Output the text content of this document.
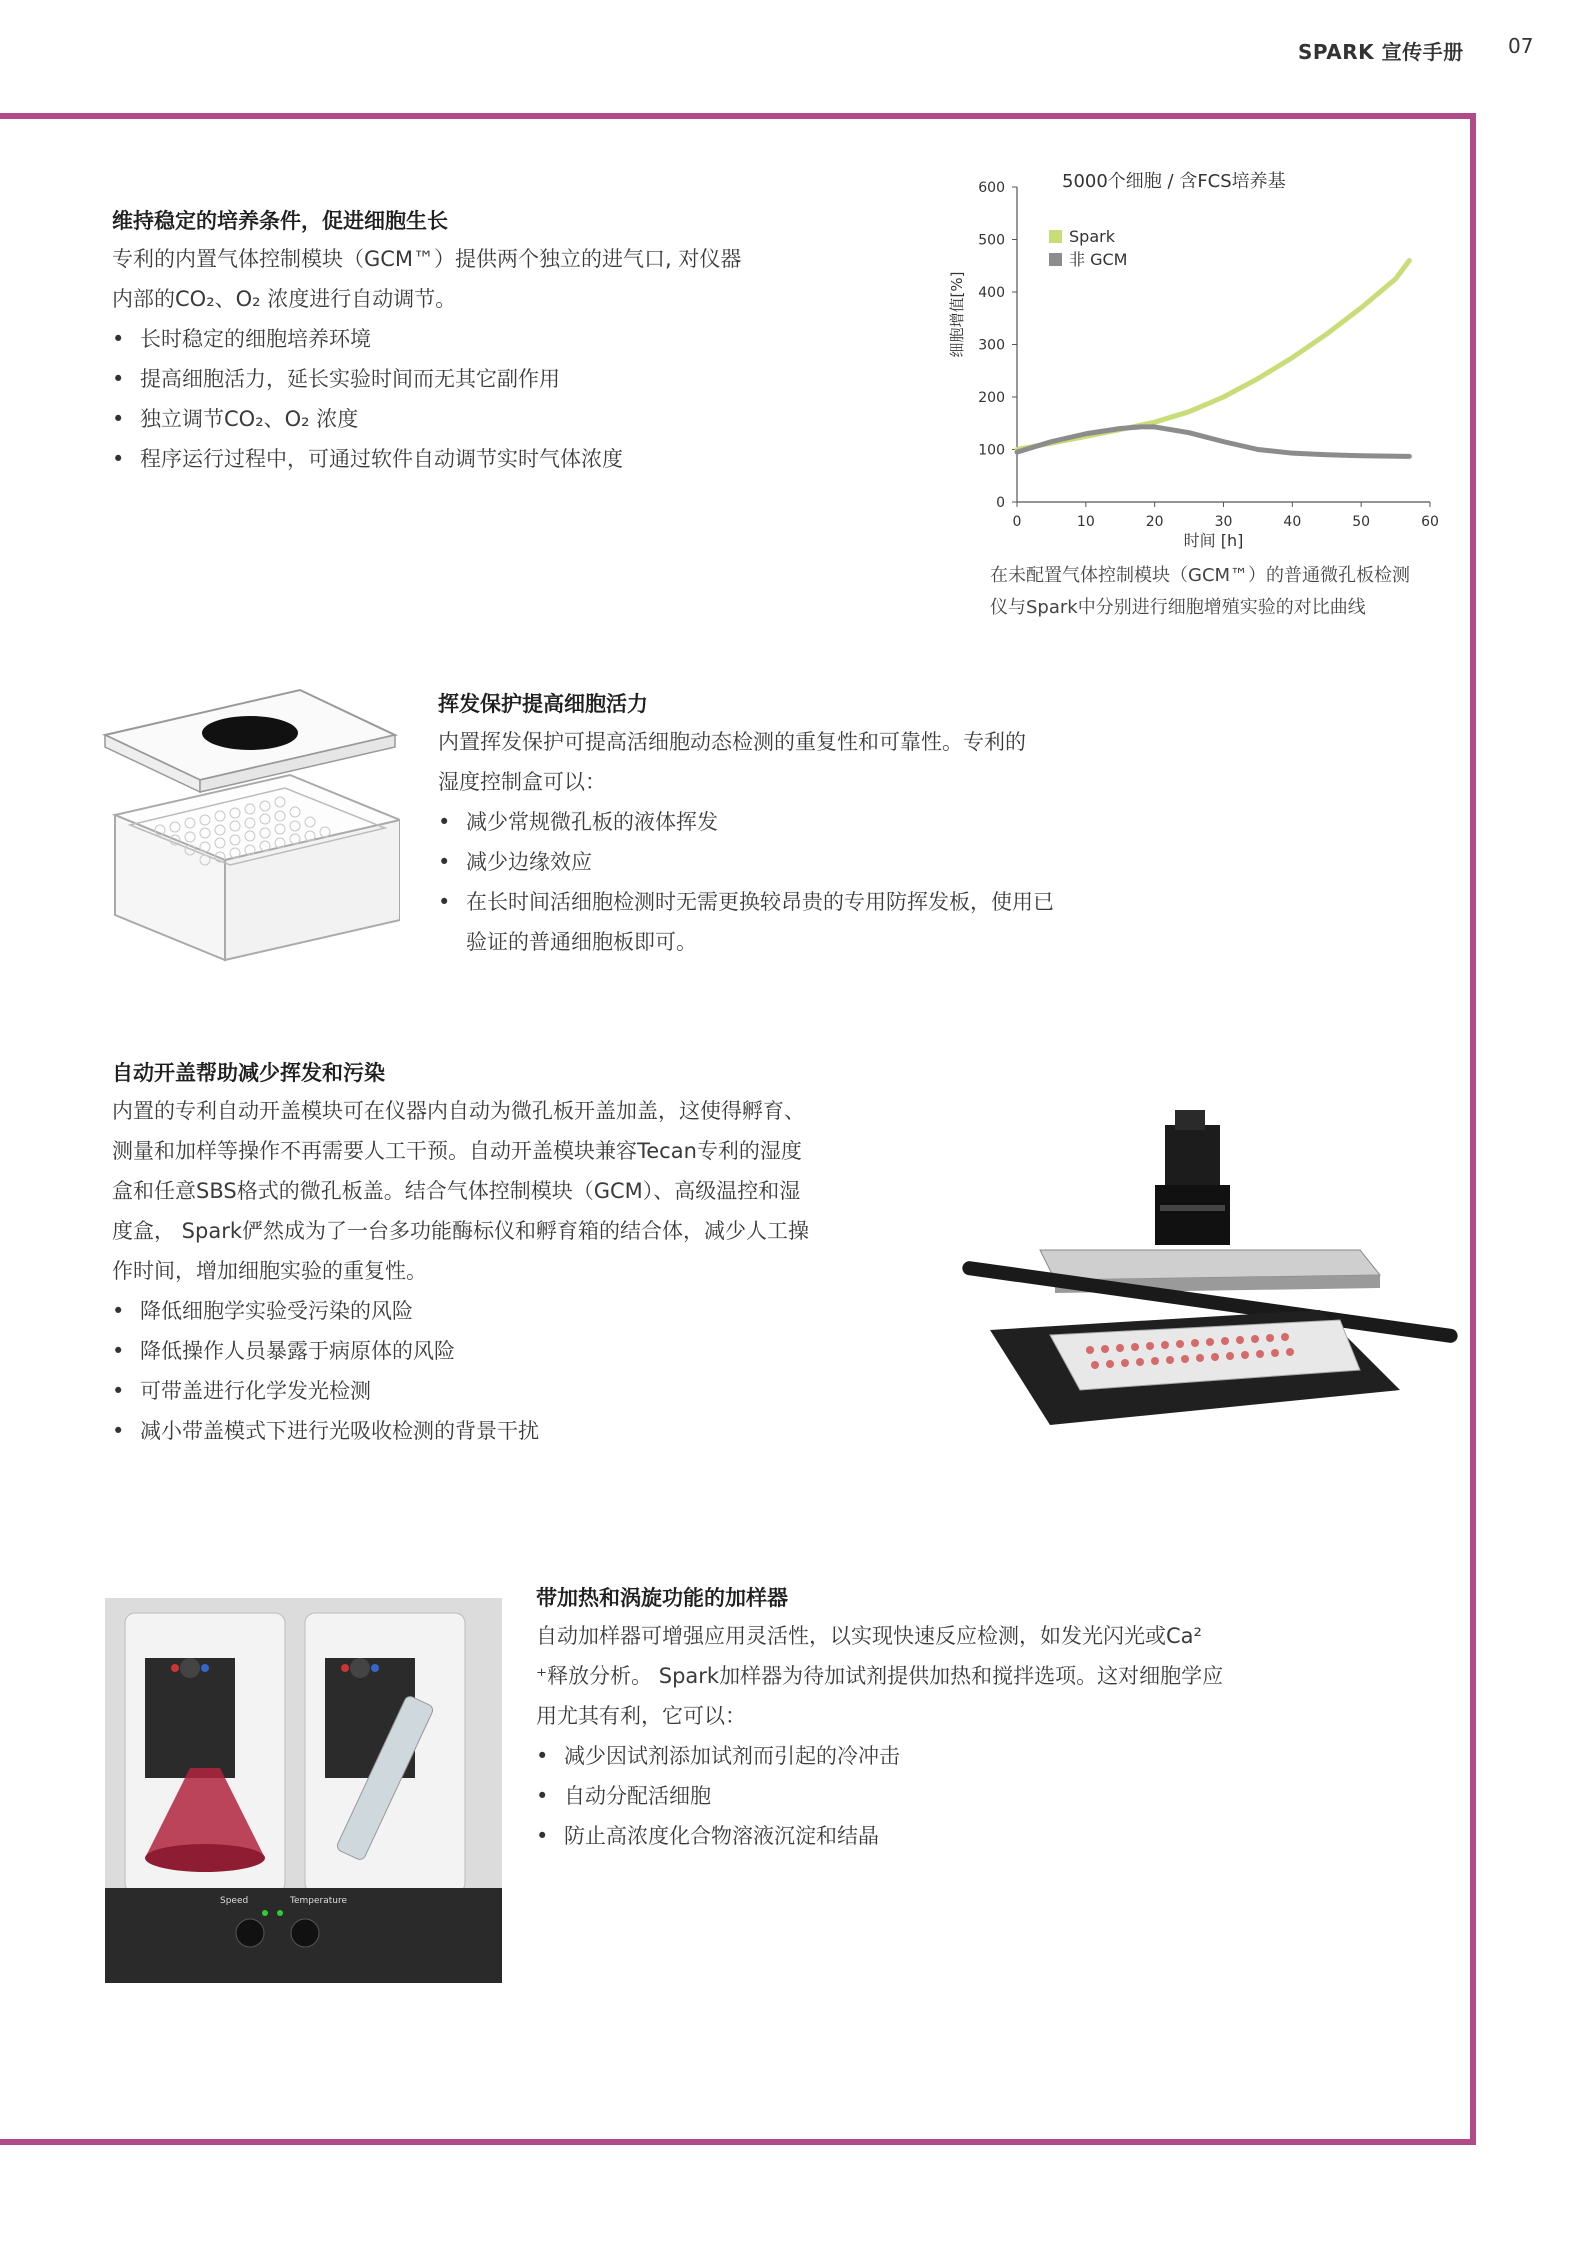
SPARK 宣传手册 07
维持稳定的培养条件，促进细胞生长

专利的内置气体控制模块（GCM™）提供两个独立的进气口, 对仪器

内部的CO₂、O₂ 浓度进行自动调节。

• 长时稳定的细胞培养环境
• 提高细胞活力，延长实验时间而无其它副作用
• 独立调节CO₂、O₂ 浓度
• 程序运行过程中，可通过软件自动调节实时气体浓度
0
100
200
300
400
500
600
0	10	20	30	40	50	60
5000个细胞 / 含FCS培养基
时间 [h]
细胞增值[%]
Spark
非 GCM
在未配置气体控制模块（GCM™）的普通微孔板检测
仪与Spark中分别进行细胞增殖实验的对比曲线
挥发保护提高细胞活力

内置挥发保护可提高活细胞动态检测的重复性和可靠性。专利的

湿度控制盒可以：

• 减少常规微孔板的液体挥发
• 减少边缘效应
• 在长时间活细胞检测时无需更换较昂贵的专用防挥发板，使用已
验证的普通细胞板即可。
自动开盖帮助减少挥发和污染

内置的专利自动开盖模块可在仪器内自动为微孔板开盖加盖，这使得孵育、

测量和加样等操作不再需要人工干预。自动开盖模块兼容Tecan专利的湿度

盒和任意SBS格式的微孔板盖。结合气体控制模块（GCM）、高级温控和湿

度盒， Spark俨然成为了一台多功能酶标仪和孵育箱的结合体，减少人工操

作时间，增加细胞实验的重复性。

• 降低细胞学实验受污染的风险
• 降低操作人员暴露于病原体的风险
• 可带盖进行化学发光检测
• 减小带盖模式下进行光吸收检测的背景干扰
Speed	Temperature
带加热和涡旋功能的加样器

自动加样器可增强应用灵活性，以实现快速反应检测，如发光闪光或Ca²

⁺释放分析。 Spark加样器为待加试剂提供加热和搅拌选项。这对细胞学应

用尤其有利，它可以：

• 减少因试剂添加试剂而引起的冷冲击
• 自动分配活细胞
• 防止高浓度化合物溶液沉淀和结晶
